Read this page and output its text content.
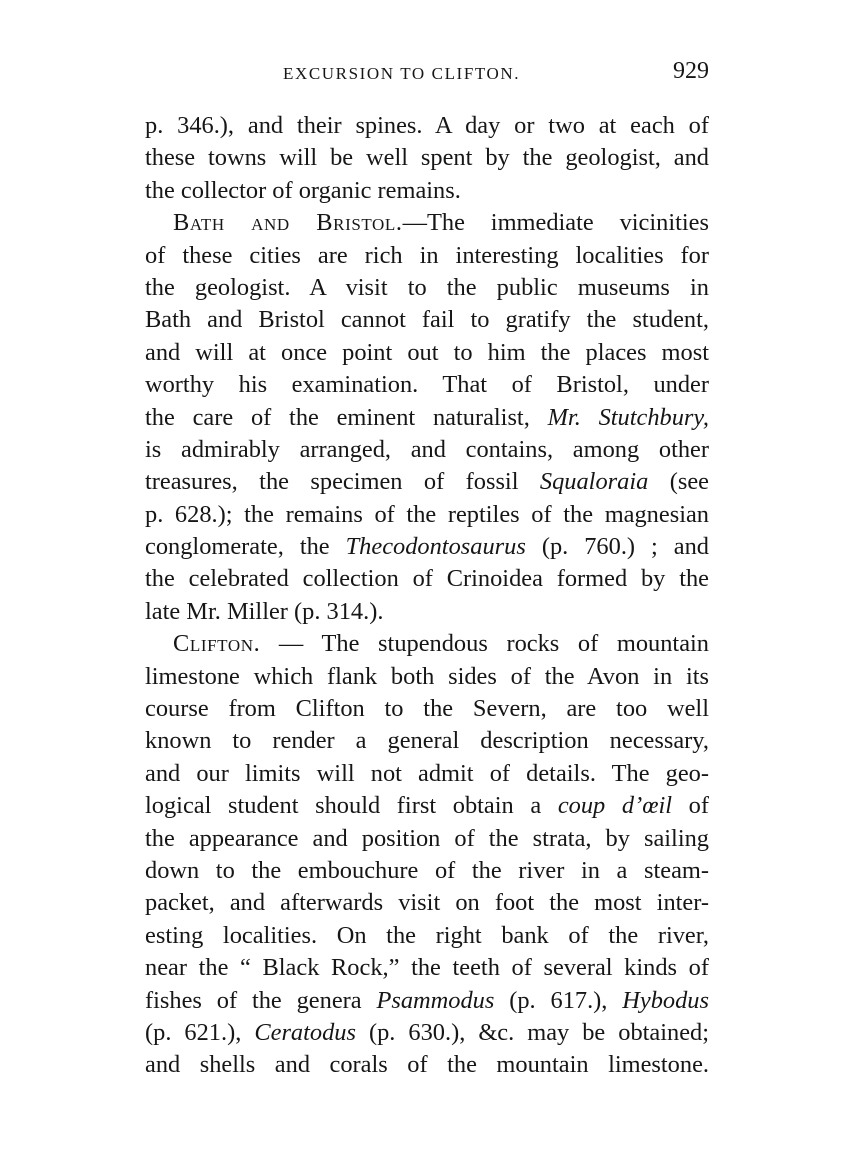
EXCURSION TO CLIFTON.	929
p. 346.), and their spines. A day or two at each of
these towns will be well spent by the geologist, and
the collector of organic remains.
Bath and Bristol.—The immediate vicinities
of these cities are rich in interesting localities for
the geologist. A visit to the public museums in
Bath and Bristol cannot fail to gratify the student,
and will at once point out to him the places most
worthy his examination. That of Bristol, under
the care of the eminent naturalist, Mr. Stutchbury,
is admirably arranged, and contains, among other
treasures, the specimen of fossil Squaloraia (see
p. 628.); the remains of the reptiles of the magnesian
conglomerate, the Thecodontosaurus (p. 760.) ; and
the celebrated collection of Crinoidea formed by the
late Mr. Miller (p. 314.).
Clifton. — The stupendous rocks of mountain
limestone which flank both sides of the Avon in its
course from Clifton to the Severn, are too well
known to render a general description necessary,
and our limits will not admit of details. The geo-
logical student should first obtain a coup d’œil of
the appearance and position of the strata, by sailing
down to the embouchure of the river in a steam-
packet, and afterwards visit on foot the most inter-
esting localities. On the right bank of the river,
near the “ Black Rock,” the teeth of several kinds of
fishes of the genera Psammodus (p. 617.), Hybodus
(p. 621.), Ceratodus (p. 630.), &c. may be obtained;
and shells and corals of the mountain limestone.
